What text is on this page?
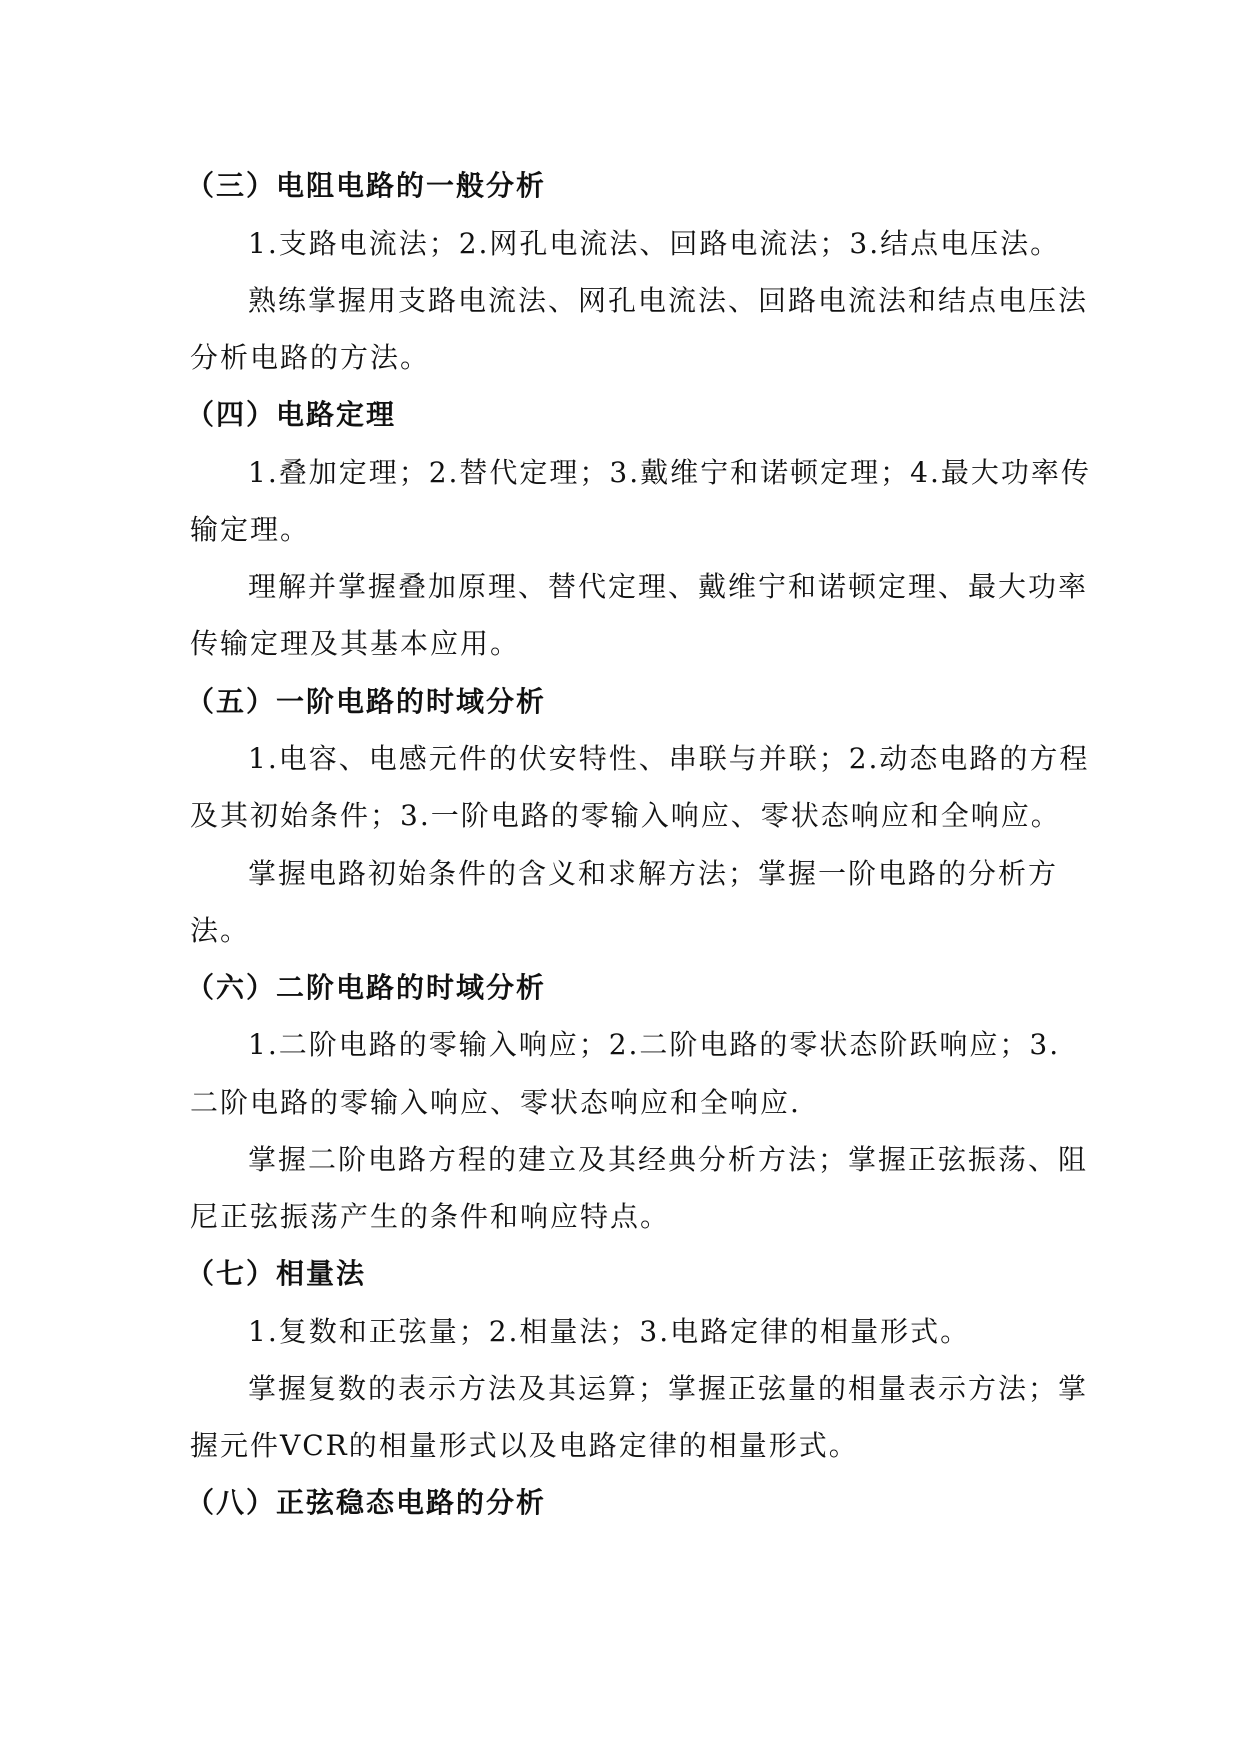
（三）电阻电路的一般分析
1.支路电流法；2.网孔电流法、回路电流法；3.结点电压法。
熟练掌握用支路电流法、网孔电流法、回路电流法和结点电压法
分析电路的方法。
（四）电路定理
1.叠加定理；2.替代定理；3.戴维宁和诺顿定理；4.最大功率传
输定理。
理解并掌握叠加原理、替代定理、戴维宁和诺顿定理、最大功率
传输定理及其基本应用。
（五）一阶电路的时域分析
1.电容、电感元件的伏安特性、串联与并联；2.动态电路的方程
及其初始条件；3.一阶电路的零输入响应、零状态响应和全响应。
掌握电路初始条件的含义和求解方法；掌握一阶电路的分析方
法。
（六）二阶电路的时域分析
1.二阶电路的零输入响应；2.二阶电路的零状态阶跃响应；3.
二阶电路的零输入响应、零状态响应和全响应.
掌握二阶电路方程的建立及其经典分析方法；掌握正弦振荡、阻
尼正弦振荡产生的条件和响应特点。
（七）相量法
1.复数和正弦量；2.相量法；3.电路定律的相量形式。
掌握复数的表示方法及其运算；掌握正弦量的相量表示方法；掌
握元件VCR的相量形式以及电路定律的相量形式。
（八）正弦稳态电路的分析
